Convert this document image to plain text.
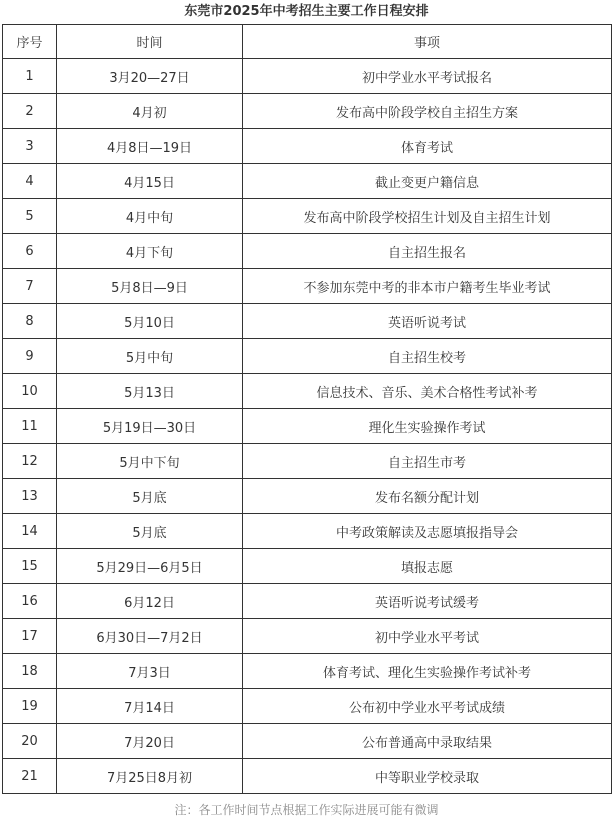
东莞市2025年中考招生主要工作日程安排
序号	时间	事项
1	3月20—27日	初中学业水平考试报名
2	4月初	发布高中阶段学校自主招生方案
3	4月8日—19日	体育考试
4	4月15日	截止变更户籍信息
5	4月中旬	发布高中阶段学校招生计划及自主招生计划
6	4月下旬	自主招生报名
7	5月8日—9日	不参加东莞中考的非本市户籍考生毕业考试
8	5月10日	英语听说考试
9	5月中旬	自主招生校考
10	5月13日	信息技术、音乐、美术合格性考试补考
11	5月19日—30日	理化生实验操作考试
12	5月中下旬	自主招生市考
13	5月底	发布名额分配计划
14	5月底	中考政策解读及志愿填报指导会
15	5月29日—6月5日	填报志愿
16	6月12日	英语听说考试缓考
17	6月30日—7月2日	初中学业水平考试
18	7月3日	体育考试、理化生实验操作考试补考
19	7月14日	公布初中学业水平考试成绩
20	7月20日	公布普通高中录取结果
21	7月25日8月初	中等职业学校录取
注：各工作时间节点根据工作实际进展可能有微调
